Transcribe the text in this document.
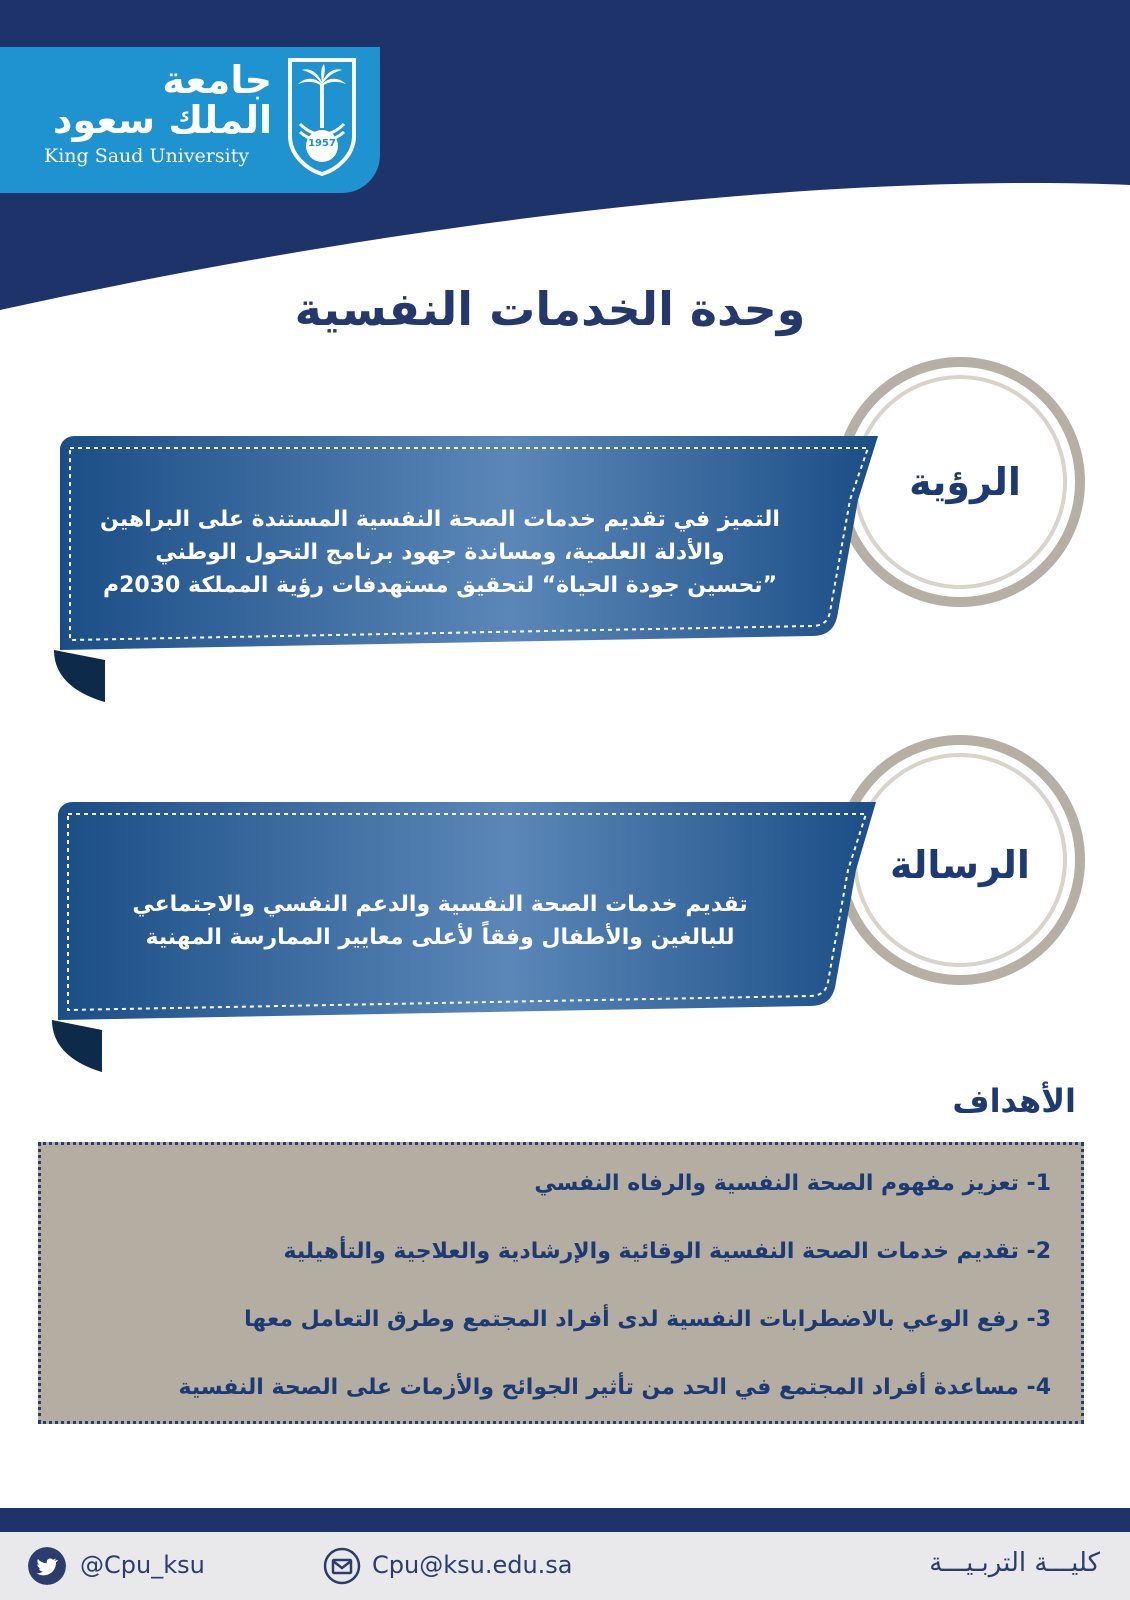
جامعة
الملك سعود
King Saud University
1957
وحدة الخدمات النفسية
التميز في تقديم خدمات الصحة النفسية المستندة على البراهين
والأدلة العلمية، ومساندة جهود برنامج التحول الوطني
”تحسين جودة الحياة“ لتحقيق مستهدفات رؤية المملكة 2030م
الرؤية
تقديم خدمات الصحة النفسية والدعم النفسي والاجتماعي
للبالغين والأطفال وفقاً لأعلى معايير الممارسة المهنية
الرسالة
الأهداف
1- تعزيز مفهوم الصحة النفسية والرفاه النفسي
2- تقديم خدمات الصحة النفسية الوقائية والإرشادية والعلاجية والتأهيلية
3- رفع الوعي بالاضطرابات النفسية لدى أفراد المجتمع وطرق التعامل معها
4- مساعدة أفراد المجتمع في الحد من تأثير الجوائح والأزمات على الصحة النفسية
@Cpu_ksu	Cpu@ksu.edu.sa	كليـــة التربـيـــة
